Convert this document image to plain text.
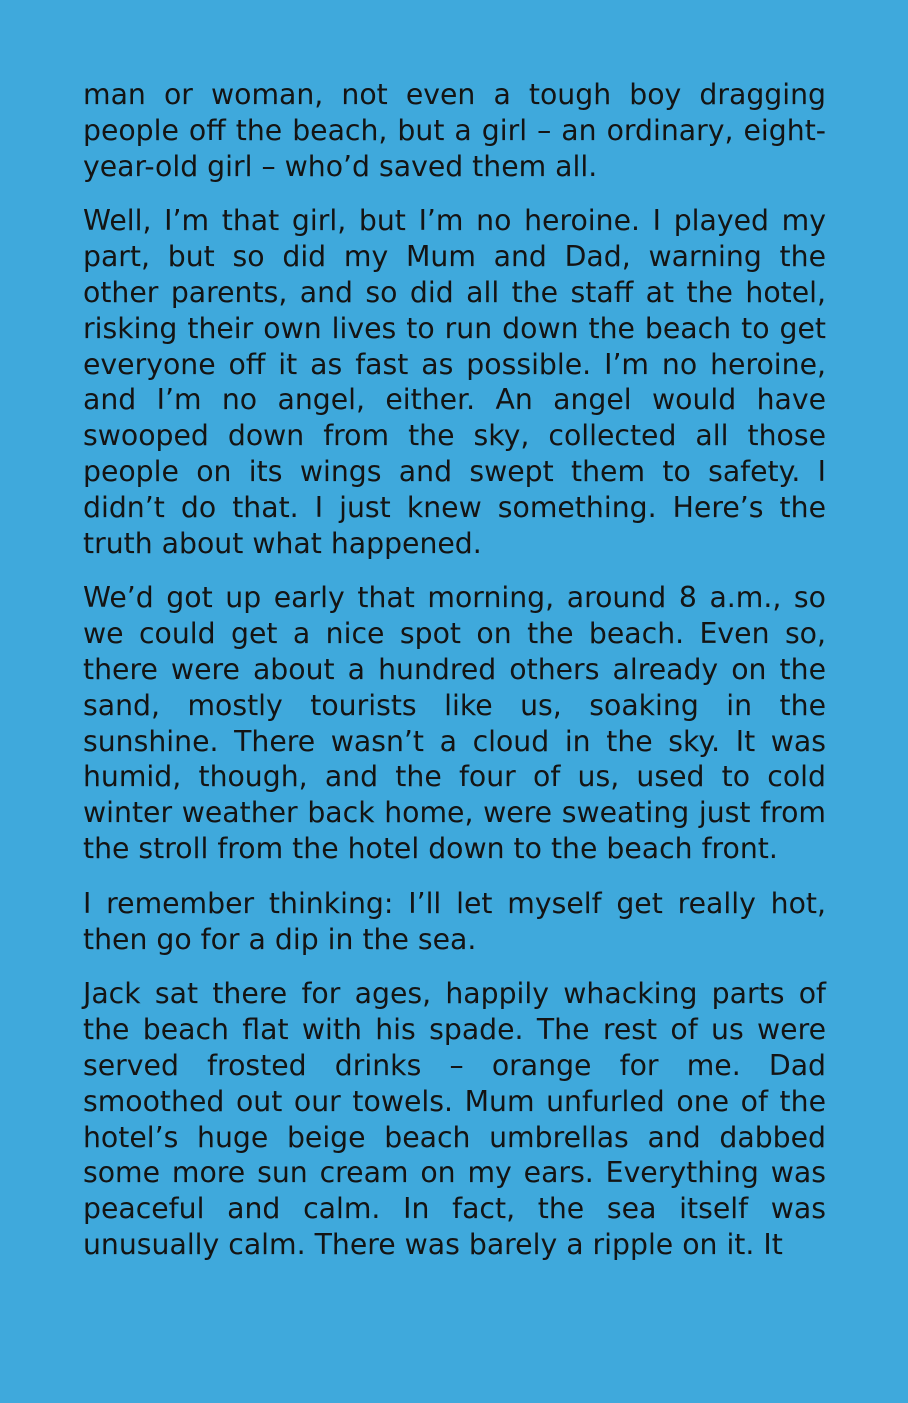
man or woman, not even a tough boy dragging people off the beach, but a girl – an ordinary, eight-year-old girl – who’d saved them all.

Well, I’m that girl, but I’m no heroine. I played my part, but so did my Mum and Dad, warning the other parents, and so did all the staff at the hotel, risking their own lives to run down the beach to get everyone off it as fast as possible. I’m no heroine, and I’m no angel, either. An angel would have swooped down from the sky, collected all those people on its wings and swept them to safety. I didn’t do that. I just knew something. Here’s the truth about what happened.

We’d got up early that morning, around 8 a.m., so we could get a nice spot on the beach. Even so, there were about a hundred others already on the sand, mostly tourists like us, soaking in the sunshine. There wasn’t a cloud in the sky. It was humid, though, and the four of us, used to cold winter weather back home, were sweating just from the stroll from the hotel down to the beach front.

I remember thinking: I’ll let myself get really hot, then go for a dip in the sea.

Jack sat there for ages, happily whacking parts of the beach flat with his spade. The rest of us were served frosted drinks – orange for me. Dad smoothed out our towels. Mum unfurled one of the hotel’s huge beige beach umbrellas and dabbed some more sun cream on my ears. Everything was peaceful and calm. In fact, the sea itself was unusually calm. There was barely a ripple on it. It
